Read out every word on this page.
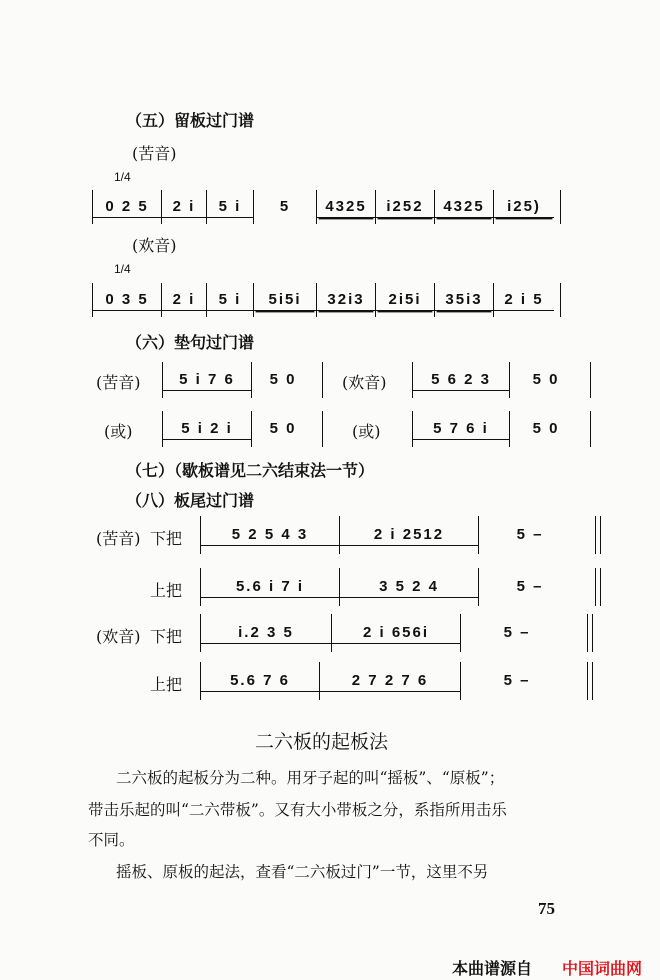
（五）留板过门谱
(苦音)
1/4
0 2 5	2 i	5 i	5	4325	i252	4325	i25)
(欢音)
1/4
0 3 5	2 i	5 i	5i5i	32i3	2i5i	35i3	2 i 5
（六）垫句过门谱
(苦音)	5 i 7 6	5 0	(欢音)	5 6 2 3	5 0
(或)	5 i 2 i	5 0	(或)	5 7 6 i	5 0
（七）（歇板谱见二六结束法一节）
（八）板尾过门谱
(苦音) 下把	5 2 5 4 3	2 i 2512	5 –
上把	5.6 i 7 i	3 5 2 4	5 –
(欢音) 下把	i.2 3 5	2 i 656i	5 –
上把	5.6 7 6	2 7 2 7 6	5 –
二六板的起板法
二六板的起板分为二种。用牙子起的叫“摇板”、“原板”；
带击乐起的叫“二六带板”。又有大小带板之分，系指所用击乐
不同。
摇板、原板的起法，查看“二六板过门”一节，这里不另
75
本曲谱源自 中国词曲网
